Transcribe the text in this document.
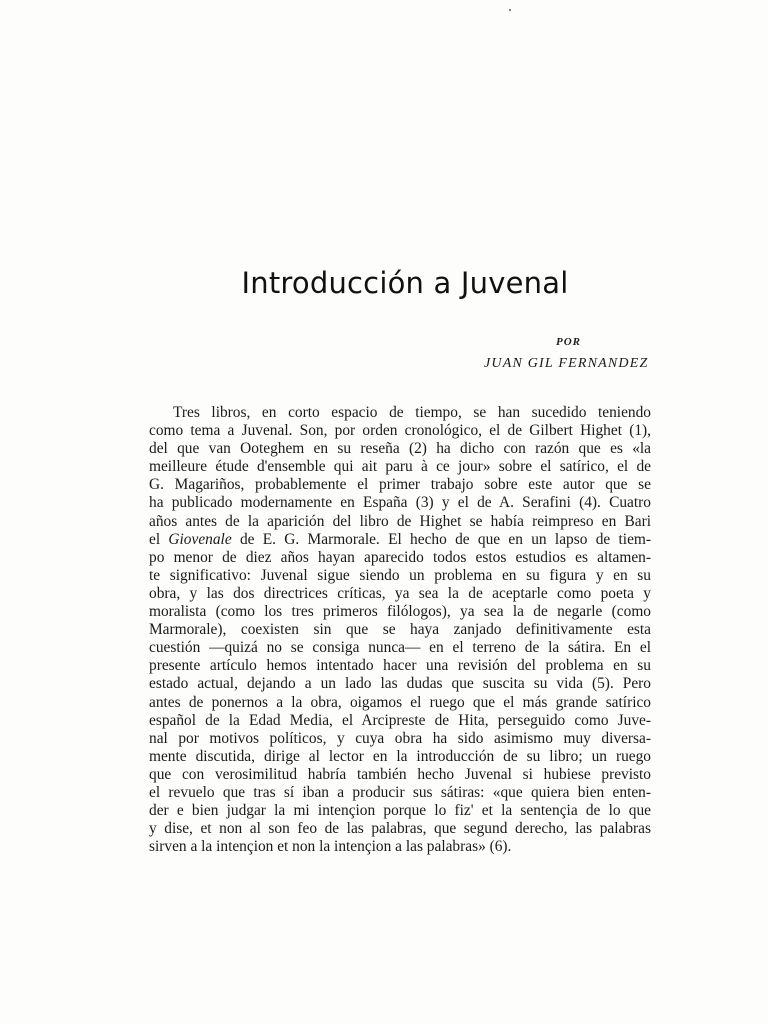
Introducción a Juvenal
POR
JUAN GIL FERNANDEZ
Tres libros, en corto espacio de tiempo, se han sucedido teniendo
como tema a Juvenal. Son, por orden cronológico, el de Gilbert Highet (1),
del que van Ooteghem en su reseña (2) ha dicho con razón que es «la
meilleure étude d'ensemble qui ait paru à ce jour» sobre el satírico, el de
G. Magariños, probablemente el primer trabajo sobre este autor que se
ha publicado modernamente en España (3) y el de A. Serafini (4). Cuatro
años antes de la aparición del libro de Highet se había reimpreso en Bari
el Giovenale de E. G. Marmorale. El hecho de que en un lapso de tiem-
po menor de diez años hayan aparecido todos estos estudios es altamen-
te significativo: Juvenal sigue siendo un problema en su figura y en su
obra, y las dos directrices críticas, ya sea la de aceptarle como poeta y
moralista (como los tres primeros filólogos), ya sea la de negarle (como
Marmorale), coexisten sin que se haya zanjado definitivamente esta
cuestión —quizá no se consiga nunca— en el terreno de la sátira. En el
presente artículo hemos intentado hacer una revisión del problema en su
estado actual, dejando a un lado las dudas que suscita su vida (5). Pero
antes de ponernos a la obra, oigamos el ruego que el más grande satírico
español de la Edad Media, el Arcipreste de Hita, perseguido como Juve-
nal por motivos políticos, y cuya obra ha sido asimismo muy diversa-
mente discutida, dirige al lector en la introducción de su libro; un ruego
que con verosimilitud habría también hecho Juvenal si hubiese previsto
el revuelo que tras sí iban a producir sus sátiras: «que quiera bien enten-
der e bien judgar la mi intençion porque lo fiz' et la sentençia de lo que
y dise, et non al son feo de las palabras, que segund derecho, las palabras
sirven a la intençion et non la intençion a las palabras» (6).
